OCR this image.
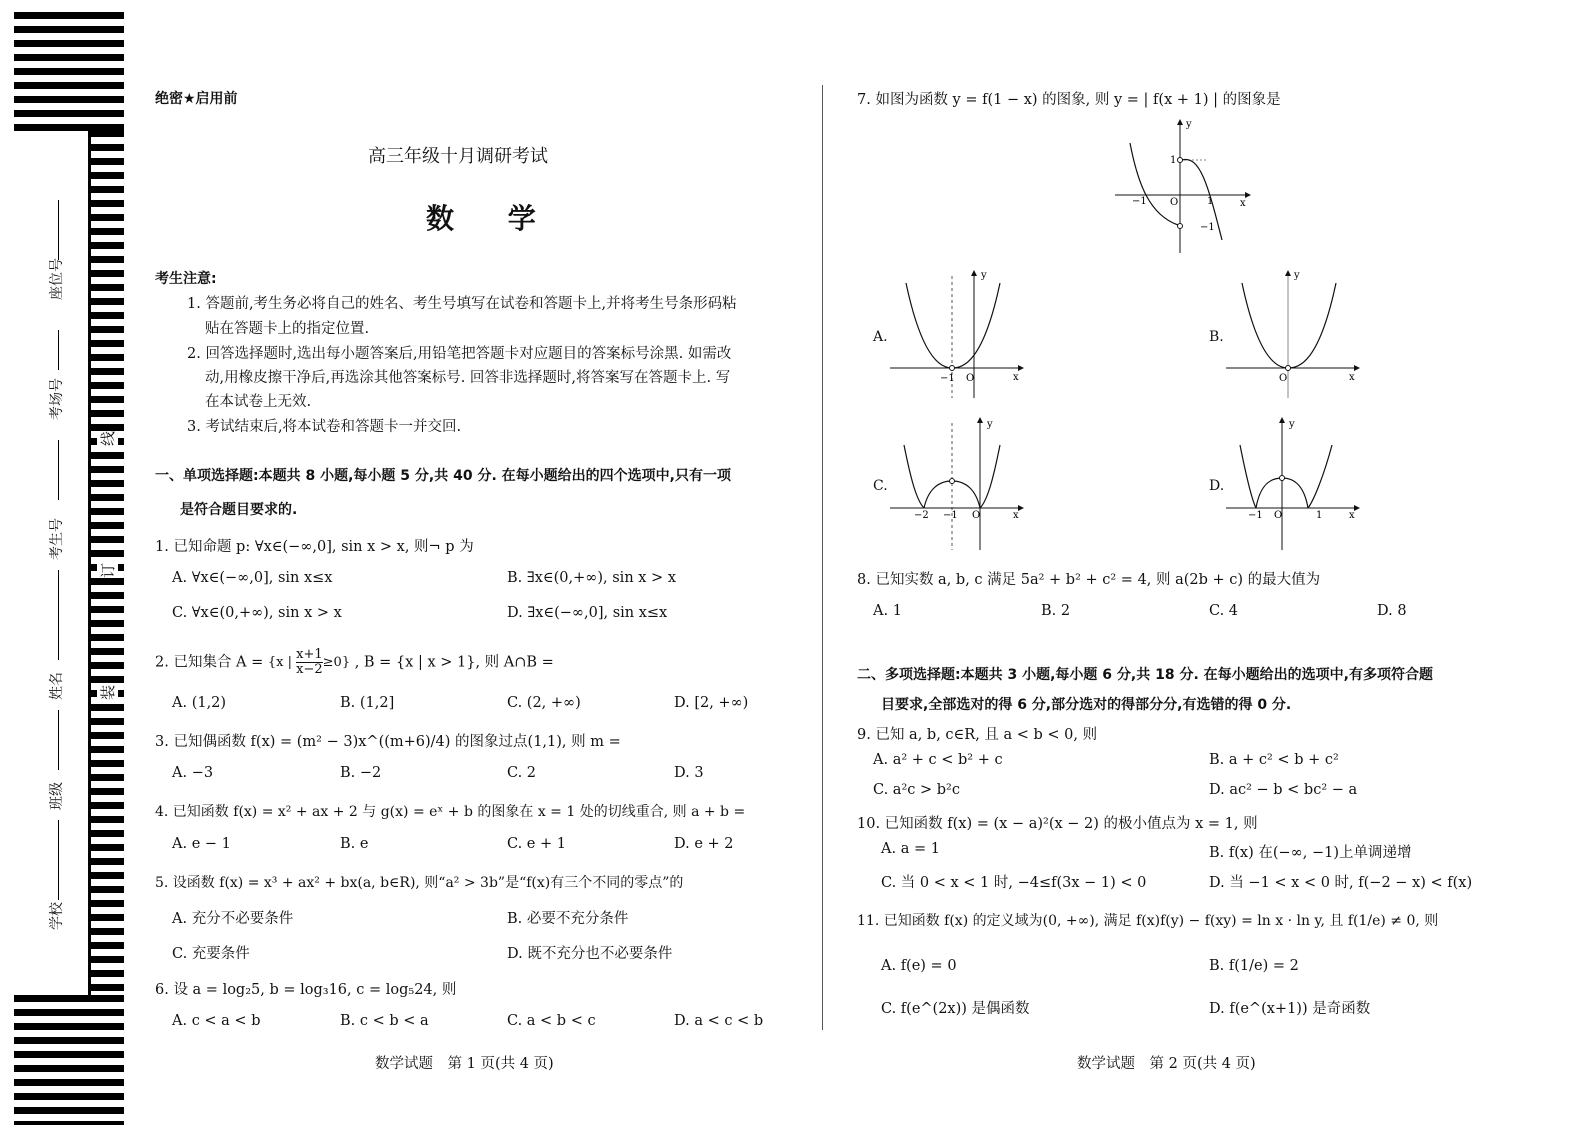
座位号
考场号
考生号
姓名
班级
学校
线
订
装
绝密★启用前
高三年级十月调研考试
数 学
考生注意:
1. 答题前,考生务必将自己的姓名、考生号填写在试卷和答题卡上,并将考生号条形码粘
贴在答题卡上的指定位置.
2. 回答选择题时,选出每小题答案后,用铅笔把答题卡对应题目的答案标号涂黑. 如需改
动,用橡皮擦干净后,再选涂其他答案标号. 回答非选择题时,将答案写在答题卡上. 写
在本试卷上无效.
3. 考试结束后,将本试卷和答题卡一并交回.
一、单项选择题:本题共 8 小题,每小题 5 分,共 40 分. 在每小题给出的四个选项中,只有一项
是符合题目要求的.
1. 已知命题 p: ∀x∈(−∞,0], sin x > x, 则¬ p 为
A. ∀x∈(−∞,0], sin x≤x	B. ∃x∈(0,+∞), sin x > x
C. ∀x∈(0,+∞), sin x > x	D. ∃x∈(−∞,0], sin x≤x
2. 已知集合 A = {x | $\frac{x+1}{x-2} \ge 0$} , B = {x | x > 1}, 则 A∩B =
A. (1,2)	B. (1,2]	C. (2, +∞)	D. [2, +∞)
3. 已知偶函数 f(x) = (m² − 3)x^((m+6)/4) 的图象过点(1,1), 则 m =
A. −3	B. −2	C. 2	D. 3
4. 已知函数 f(x) = x² + ax + 2 与 g(x) = eˣ + b 的图象在 x = 1 处的切线重合, 则 a + b =
A. e − 1	B. e	C. e + 1	D. e + 2
5. 设函数 f(x) = x³ + ax² + bx(a, b∈R), 则“a² > 3b”是“f(x)有三个不同的零点”的
A. 充分不必要条件	B. 必要不充分条件
C. 充要条件	D. 既不充分也不必要条件
6. 设 a = log₂5, b = log₃16, c = log₅24, 则
A. c < a < b	B. c < b < a	C. a < b < c	D. a < c < b
数学试题　第 1 页(共 4 页)
7. 如图为函数 y = f(1 − x) 的图象, 则 y = | f(x + 1) | 的图象是
y
x
1
O
−1	1
−1
A.
y
x
−1 O
B.
y
x
O
C.
y
x
−2 −1 O
D.
y
x
−1 O	1
8. 已知实数 a, b, c 满足 5a² + b² + c² = 4, 则 a(2b + c) 的最大值为
A. 1	B. 2	C. 4	D. 8
二、多项选择题:本题共 3 小题,每小题 6 分,共 18 分. 在每小题给出的选项中,有多项符合题
目要求,全部选对的得 6 分,部分选对的得部分分,有选错的得 0 分.
9. 已知 a, b, c∈R, 且 a < b < 0, 则
A. a² + c < b² + c	B. a + c² < b + c²
C. a²c > b²c	D. ac² − b < bc² − a
10. 已知函数 f(x) = (x − a)²(x − 2) 的极小值点为 x = 1, 则
A. a = 1	B. f(x) 在(−∞, −1)上单调递增
C. 当 0 < x < 1 时, −4≤f(3x − 1) < 0	D. 当 −1 < x < 0 时, f(−2 − x) < f(x)
11. 已知函数 f(x) 的定义域为(0, +∞), 满足 f(x)f(y) − f(xy) = ln x · ln y, 且 f(1/e) ≠ 0, 则
A. f(e) = 0	B. f(1/e) = 2
C. f(e^(2x)) 是偶函数	D. f(e^(x+1)) 是奇函数
数学试题　第 2 页(共 4 页)
